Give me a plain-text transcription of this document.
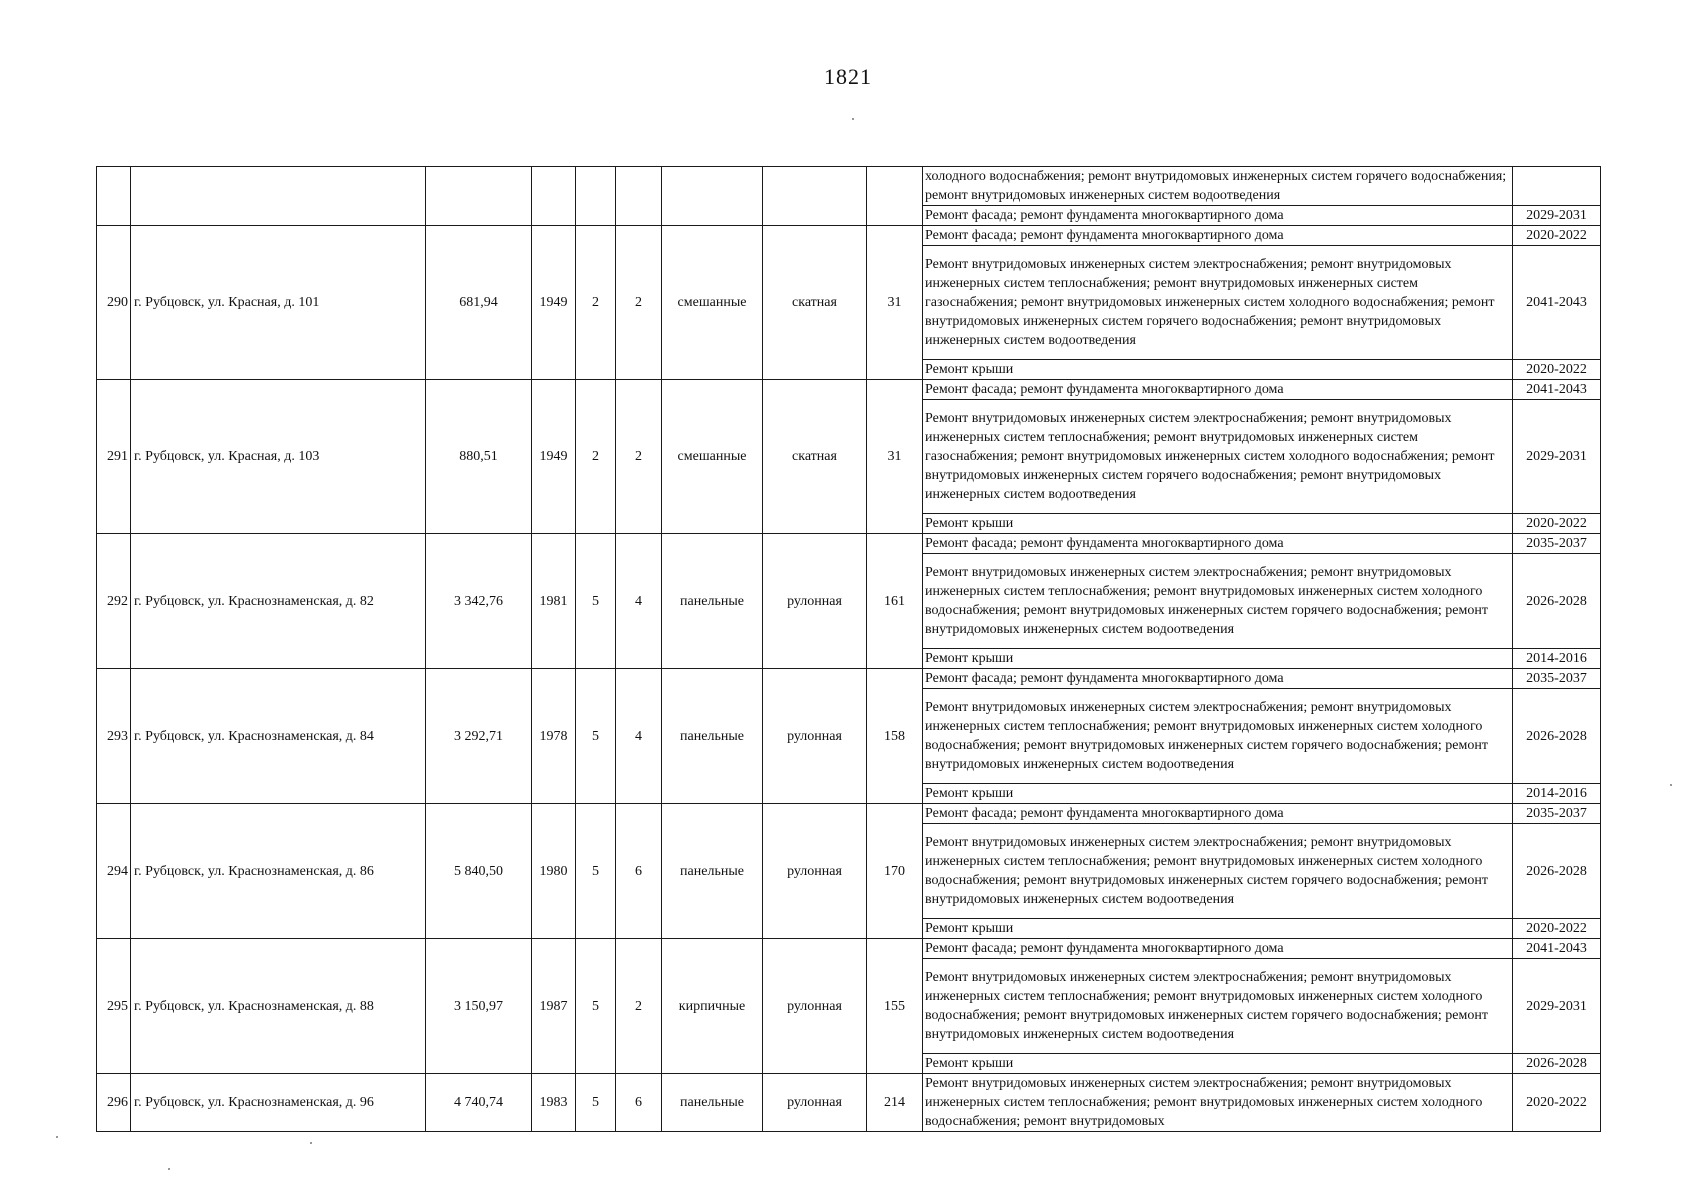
1821
									холодного водоснабжения; ремонт внутридомовых инженерных систем горячего водоснабжения; ремонт внутридомовых инженерных систем водоотведения	
									Ремонт фасада; ремонт фундамента многоквартирного дома	2029-2031
290	г. Рубцовск, ул. Красная, д. 101	681,94	1949	2	2	смешанные	скатная	31	Ремонт фасада; ремонт фундамента многоквартирного дома	2020-2022
									Ремонт внутридомовых инженерных систем электроснабжения; ремонт внутридомовых инженерных систем теплоснабжения; ремонт внутридомовых инженерных систем газоснабжения; ремонт внутридомовых инженерных систем холодного водоснабжения; ремонт внутридомовых инженерных систем горячего водоснабжения; ремонт внутридомовых инженерных систем водоотведения	2041-2043
									Ремонт крыши	2020-2022
291	г. Рубцовск, ул. Красная, д. 103	880,51	1949	2	2	смешанные	скатная	31	Ремонт фасада; ремонт фундамента многоквартирного дома	2041-2043
									Ремонт внутридомовых инженерных систем электроснабжения; ремонт внутридомовых инженерных систем теплоснабжения; ремонт внутридомовых инженерных систем газоснабжения; ремонт внутридомовых инженерных систем холодного водоснабжения; ремонт внутридомовых инженерных систем горячего водоснабжения; ремонт внутридомовых инженерных систем водоотведения	2029-2031
									Ремонт крыши	2020-2022
292	г. Рубцовск, ул. Краснознаменская, д. 82	3 342,76	1981	5	4	панельные	рулонная	161	Ремонт фасада; ремонт фундамента многоквартирного дома	2035-2037
									Ремонт внутридомовых инженерных систем электроснабжения; ремонт внутридомовых инженерных систем теплоснабжения; ремонт внутридомовых инженерных систем холодного водоснабжения; ремонт внутридомовых инженерных систем горячего водоснабжения; ремонт внутридомовых инженерных систем водоотведения	2026-2028
									Ремонт крыши	2014-2016
293	г. Рубцовск, ул. Краснознаменская, д. 84	3 292,71	1978	5	4	панельные	рулонная	158	Ремонт фасада; ремонт фундамента многоквартирного дома	2035-2037
									Ремонт внутридомовых инженерных систем электроснабжения; ремонт внутридомовых инженерных систем теплоснабжения; ремонт внутридомовых инженерных систем холодного водоснабжения; ремонт внутридомовых инженерных систем горячего водоснабжения; ремонт внутридомовых инженерных систем водоотведения	2026-2028
									Ремонт крыши	2014-2016
294	г. Рубцовск, ул. Краснознаменская, д. 86	5 840,50	1980	5	6	панельные	рулонная	170	Ремонт фасада; ремонт фундамента многоквартирного дома	2035-2037
									Ремонт внутридомовых инженерных систем электроснабжения; ремонт внутридомовых инженерных систем теплоснабжения; ремонт внутридомовых инженерных систем холодного водоснабжения; ремонт внутридомовых инженерных систем горячего водоснабжения; ремонт внутридомовых инженерных систем водоотведения	2026-2028
									Ремонт крыши	2020-2022
295	г. Рубцовск, ул. Краснознаменская, д. 88	3 150,97	1987	5	2	кирпичные	рулонная	155	Ремонт фасада; ремонт фундамента многоквартирного дома	2041-2043
									Ремонт внутридомовых инженерных систем электроснабжения; ремонт внутридомовых инженерных систем теплоснабжения; ремонт внутридомовых инженерных систем холодного водоснабжения; ремонт внутридомовых инженерных систем горячего водоснабжения; ремонт внутридомовых инженерных систем водоотведения	2029-2031
									Ремонт крыши	2026-2028
296	г. Рубцовск, ул. Краснознаменская, д. 96	4 740,74	1983	5	6	панельные	рулонная	214	Ремонт внутридомовых инженерных систем электроснабжения; ремонт внутридомовых инженерных систем теплоснабжения; ремонт внутридомовых инженерных систем холодного водоснабжения; ремонт внутридомовых	2020-2022
